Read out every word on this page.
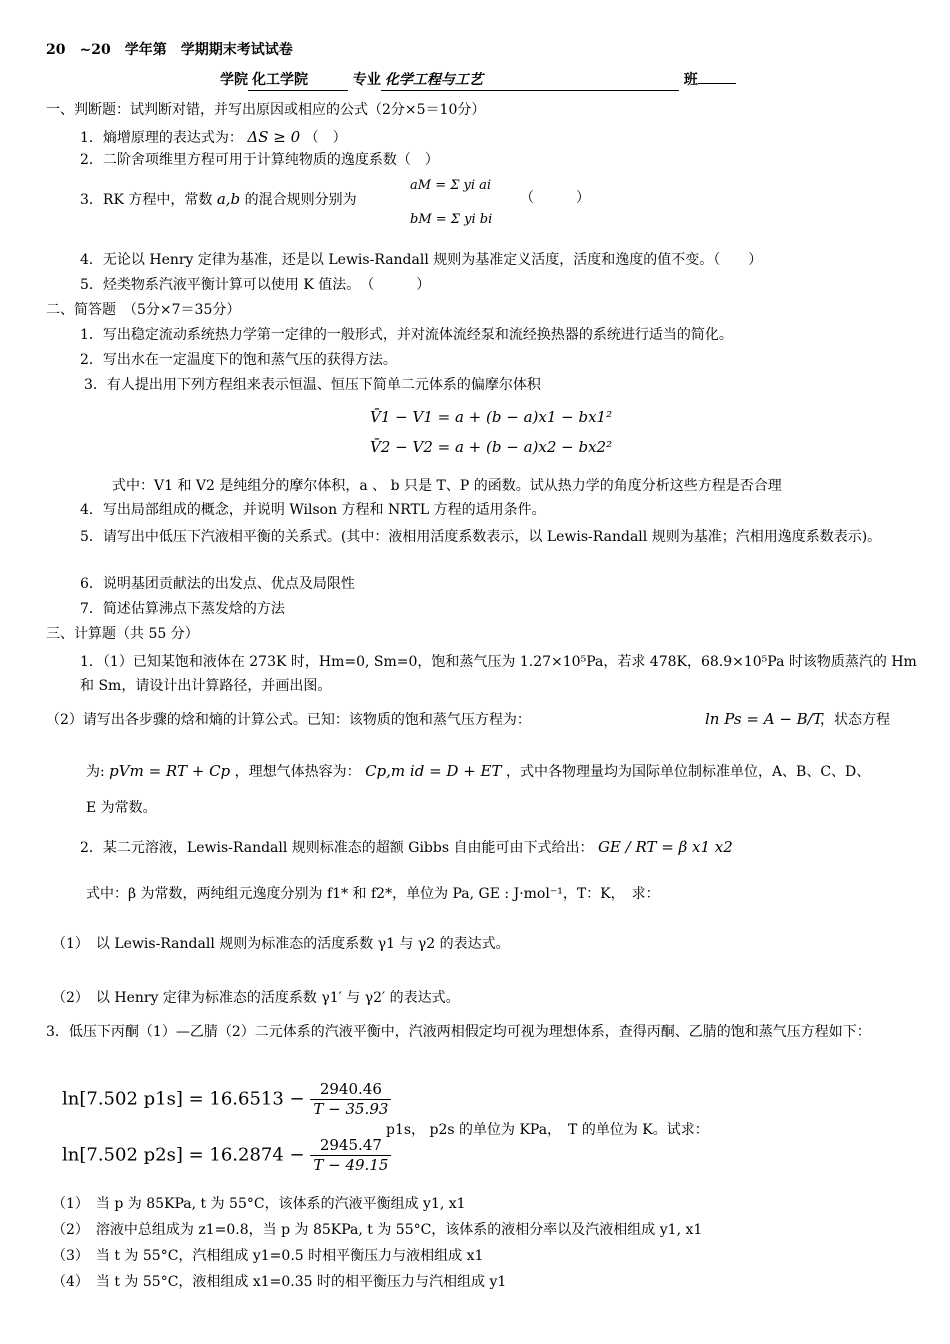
20　~20　学年第　学期期末考试试卷
学院 化工学院	专业 化学工程与工艺	班
一、判断题：试判断对错，并写出原因或相应的公式（2分×5＝10分）
1．熵增原理的表达式为： ΔS ≥ 0 （　）
2．二阶舍项维里方程可用于计算纯物质的逸度系数（　）
3．RK 方程中，常数 a,b 的混合规则分别为
aM = Σ yi ai
bM = Σ yi bi
（　　　）
4．无论以 Henry 定律为基准，还是以 Lewis-Randall 规则为基准定义活度，活度和逸度的值不变。（　　）
5．烃类物系汽液平衡计算可以使用 K 值法。　（　　　）
二、简答题　（5分×7＝35分）
1．写出稳定流动系统热力学第一定律的一般形式，并对流体流经泵和流经换热器的系统进行适当的简化。
2．写出水在一定温度下的饱和蒸气压的获得方法。
3．有人提出用下列方程组来表示恒温、恒压下简单二元体系的偏摩尔体积
V̄1 − V1 = a + (b − a)x1 − bx1²
V̄2 − V2 = a + (b − a)x2 − bx2²
式中：V1 和 V2 是纯组分的摩尔体积，a 、 b 只是 T、P 的函数。试从热力学的角度分析这些方程是否合理
4．写出局部组成的概念，并说明 Wilson 方程和 NRTL 方程的适用条件。
5．请写出中低压下汽液相平衡的关系式。(其中：液相用活度系数表示，以 Lewis-Randall 规则为基准；汽相用逸度系数表示)。
6．说明基团贡献法的出发点、优点及局限性
7．简述估算沸点下蒸发焓的方法
三、计算题（共 55 分）
1．（1）已知某饱和液体在 273K 时，Hm=0, Sm=0，饱和蒸气压为 1.27×10⁵Pa，若求 478K，68.9×10⁵Pa 时该物质蒸汽的 Hm 和 Sm，请设计出计算路径，并画出图。
（2）请写出各步骤的焓和熵的计算公式。已知：该物质的饱和蒸气压方程为：	ln Ps = A − B/T
，状态方程
为: pVm = RT + Cp ，理想气体热容为： Cp,m id = D + ET ，式中各物理量均为国际单位制标准单位，A、B、C、D、
E 为常数。
2．某二元溶液，Lewis-Randall 规则标准态的超额 Gibbs 自由能可由下式给出： GE / RT = β x1 x2
式中：β 为常数，两纯组元逸度分别为 f1* 和 f2*，单位为 Pa, GE : J·mol⁻¹，T：K，　求：
（1）　以 Lewis-Randall 规则为标准态的活度系数 γ1 与 γ2 的表达式。
（2）　以 Henry 定律为标准态的活度系数 γ1′ 与 γ2′ 的表达式。
3．低压下丙酮（1）—乙腈（2）二元体系的汽液平衡中，汽液两相假定均可视为理想体系，查得丙酮、乙腈的饱和蒸气压方程如下：
ln[7.502 $p1s] = 16.6513 - \frac{2940.46}{T - 35.93}$
ln[7.502 $p2s] = 16.2874 - \frac{2945.47}{T - 49.15}$
p1s， p2s 的单位为 KPa，　T 的单位为 K。试求：
（1）　当 p 为 85KPa, t 为 55°C，该体系的汽液平衡组成 y1, x1
（2）　溶液中总组成为 z1=0.8，当 p 为 85KPa, t 为 55°C，该体系的液相分率以及汽液相组成 y1, x1
（3）　当 t 为 55°C，汽相组成 y1=0.5 时相平衡压力与液相组成 x1
（4）　当 t 为 55°C，液相组成 x1=0.35 时的相平衡压力与汽相组成 y1
